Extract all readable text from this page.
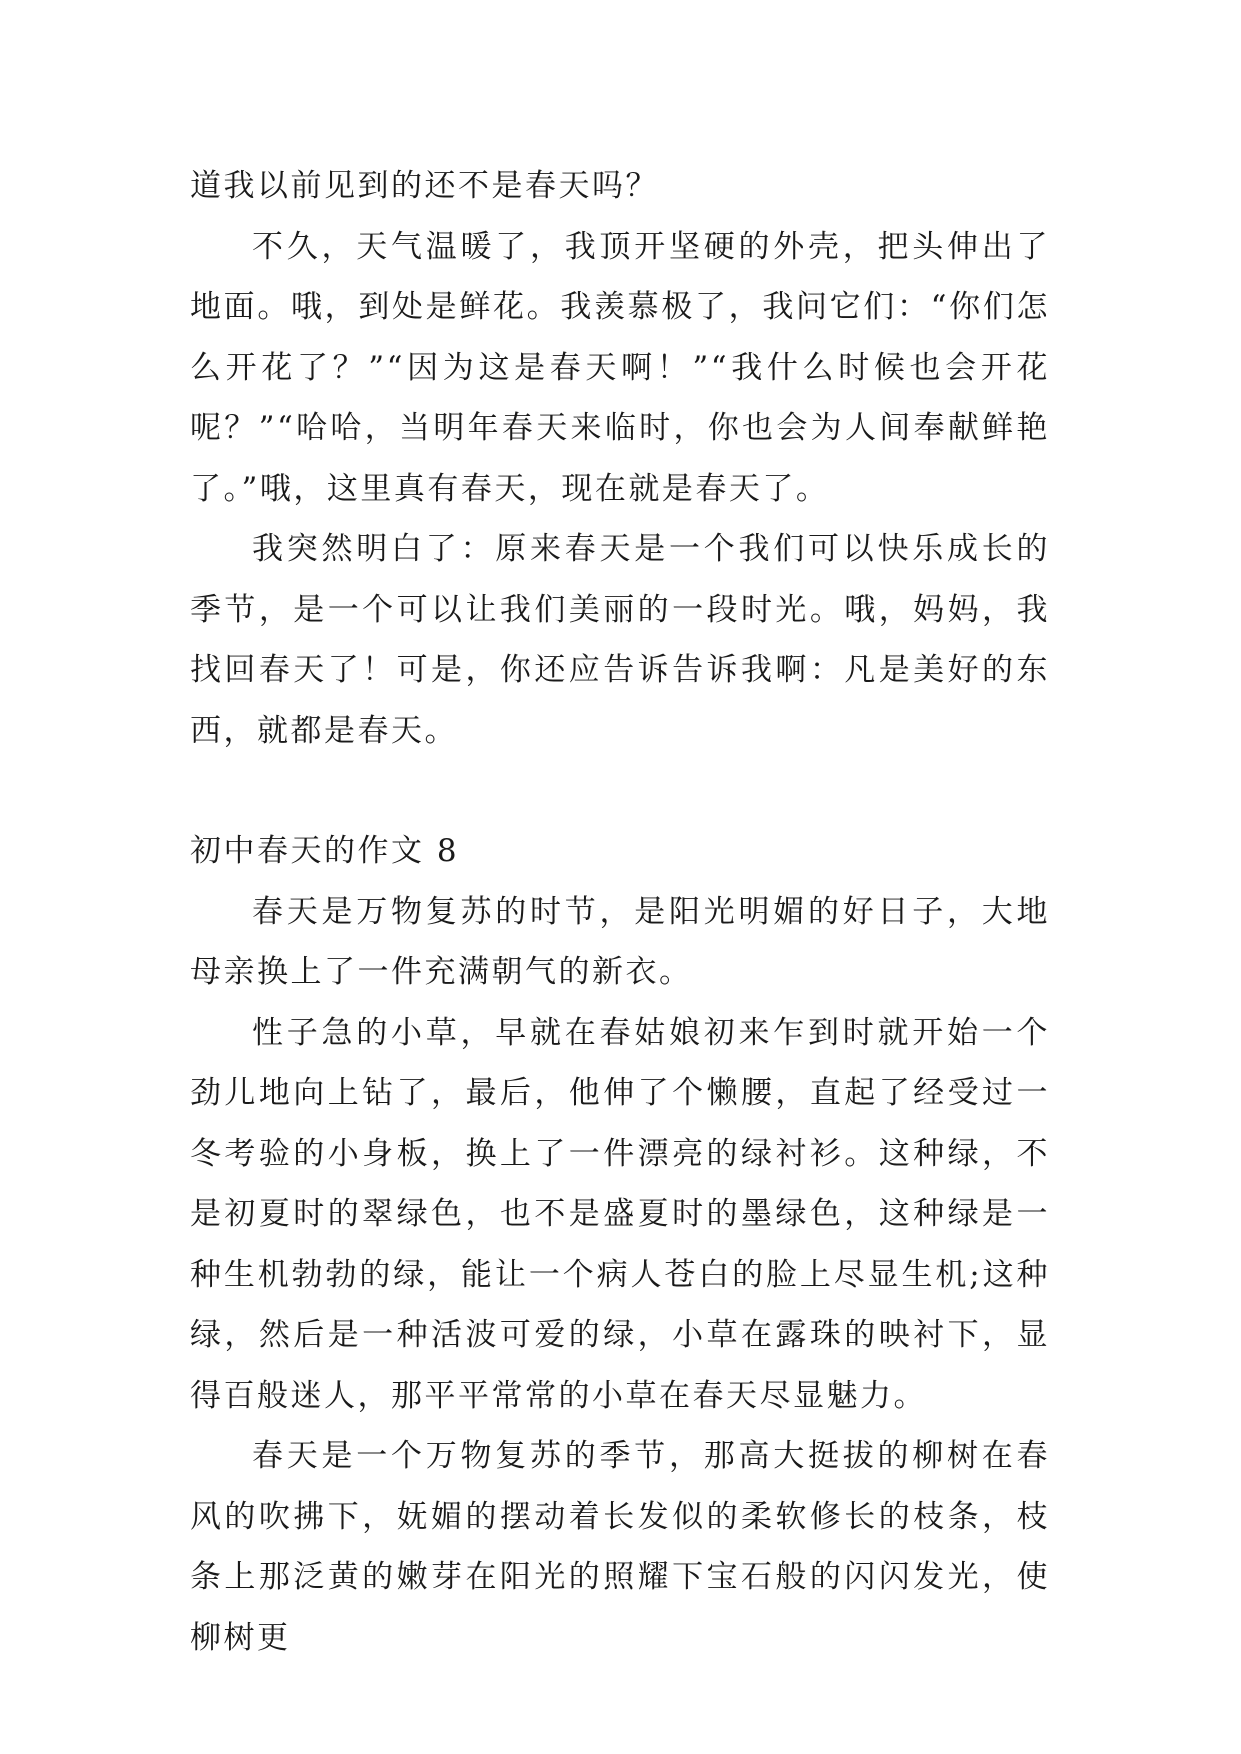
道我以前见到的还不是春天吗？

不久，天气温暖了，我顶开坚硬的外壳，把头伸出了地面。哦，到处是鲜花。我羡慕极了，我问它们：“你们怎么开花了？”“因为这是春天啊！”“我什么时候也会开花呢？”“哈哈，当明年春天来临时，你也会为人间奉献鲜艳了。”哦，这里真有春天，现在就是春天了。

我突然明白了：原来春天是一个我们可以快乐成长的季节，是一个可以让我们美丽的一段时光。哦，妈妈，我找回春天了！可是，你还应告诉告诉我啊：凡是美好的东西，就都是春天。

初中春天的作文 8

春天是万物复苏的时节，是阳光明媚的好日子，大地母亲换上了一件充满朝气的新衣。

性子急的小草，早就在春姑娘初来乍到时就开始一个劲儿地向上钻了，最后，他伸了个懒腰，直起了经受过一冬考验的小身板，换上了一件漂亮的绿衬衫。这种绿，不是初夏时的翠绿色，也不是盛夏时的墨绿色，这种绿是一种生机勃勃的绿，能让一个病人苍白的脸上尽显生机;这种绿，然后是一种活波可爱的绿，小草在露珠的映衬下，显得百般迷人，那平平常常的小草在春天尽显魅力。

春天是一个万物复苏的季节，那高大挺拔的柳树在春风的吹拂下，妩媚的摆动着长发似的柔软修长的枝条，枝条上那泛黄的嫩芽在阳光的照耀下宝石般的闪闪发光，使柳树更
